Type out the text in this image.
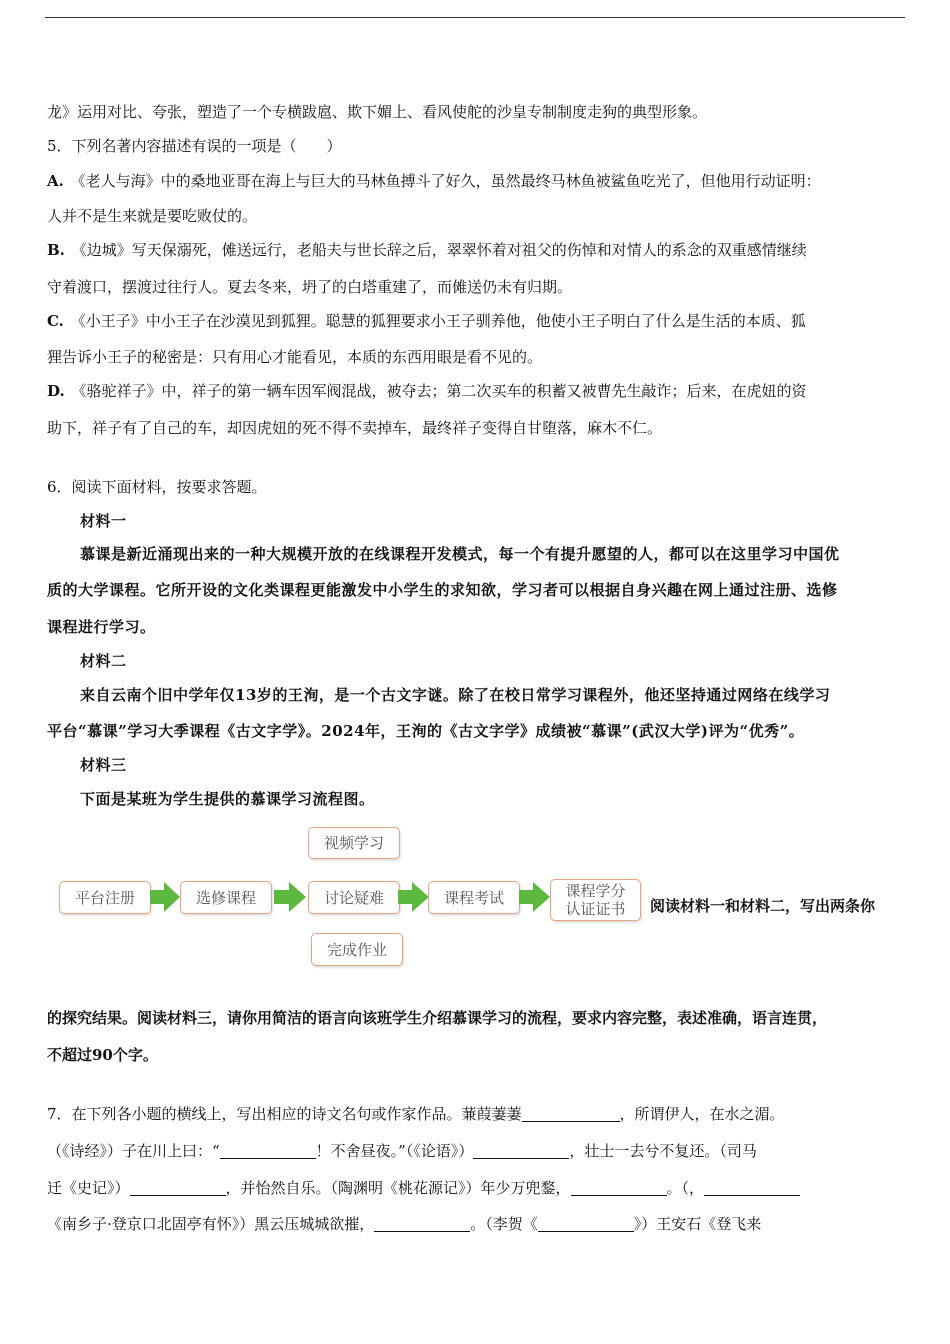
龙》运用对比、夸张，塑造了一个专横跋扈、欺下媚上、看风使舵的沙皇专制制度走狗的典型形象。
5．下列名著内容描述有误的一项是（　　）
A. 《老人与海》中的桑地亚哥在海上与巨大的马林鱼搏斗了好久，虽然最终马林鱼被鲨鱼吃光了，但他用行动证明：
人并不是生来就是要吃败仗的。
B. 《边城》写天保溺死，傩送远行，老船夫与世长辞之后，翠翠怀着对祖父的伤悼和对情人的系念的双重感情继续
守着渡口，摆渡过往行人。夏去冬来，坍了的白塔重建了，而傩送仍未有归期。
C. 《小王子》中小王子在沙漠见到狐狸。聪慧的狐狸要求小王子驯养他，他使小王子明白了什么是生活的本质、狐
狸告诉小王子的秘密是：只有用心才能看见，本质的东西用眼是看不见的。
D. 《骆驼祥子》中，祥子的第一辆车因军阀混战，被夺去；第二次买车的积蓄又被曹先生敲诈；后来，在虎妞的资
助下，祥子有了自己的车，却因虎妞的死不得不卖掉车，最终祥子变得自甘堕落，麻木不仁。
6．阅读下面材料，按要求答题。
材料一
慕课是新近涌现出来的一种大规模开放的在线课程开发模式，每一个有提升愿望的人，都可以在这里学习中国优
质的大学课程。它所开设的文化类课程更能激发中小学生的求知欲，学习者可以根据自身兴趣在网上通过注册、选修
课程进行学习。
材料二
来自云南个旧中学年仅13岁的王洵，是一个古文字谜。除了在校日常学习课程外，他还坚持通过网络在线学习
平台“慕课”学习大季课程《古文字学》。2024年，王洵的《古文字学》成绩被“慕课”(武汉大学)评为“优秀”。
材料三
下面是某班为学生提供的慕课学习流程图。
平台注册	选修课程
视频学习
讨论疑难
完成作业
课程考试	课程学分
认证证书 阅读材料一和材料二，写出两条你
的探究结果。阅读材料三，请你用简洁的语言向该班学生介绍慕课学习的流程，要求内容完整，表述准确，语言连贯，
不超过90个字。
7．在下列各小题的横线上，写出相应的诗文名句或作家作品。蒹葭萋萋	，所谓伊人，在水之湄。
（《诗经》）子在川上曰：“	！不舍昼夜。”（《论语》）	，壮士一去兮不复还。（司马
迁《史记》）	，并怡然自乐。（陶渊明《桃花源记》）年少万兜鍪，	。（，
《南乡子·登京口北固亭有怀》）黑云压城城欲摧，	。（李贺《	》）王安石《登飞来
